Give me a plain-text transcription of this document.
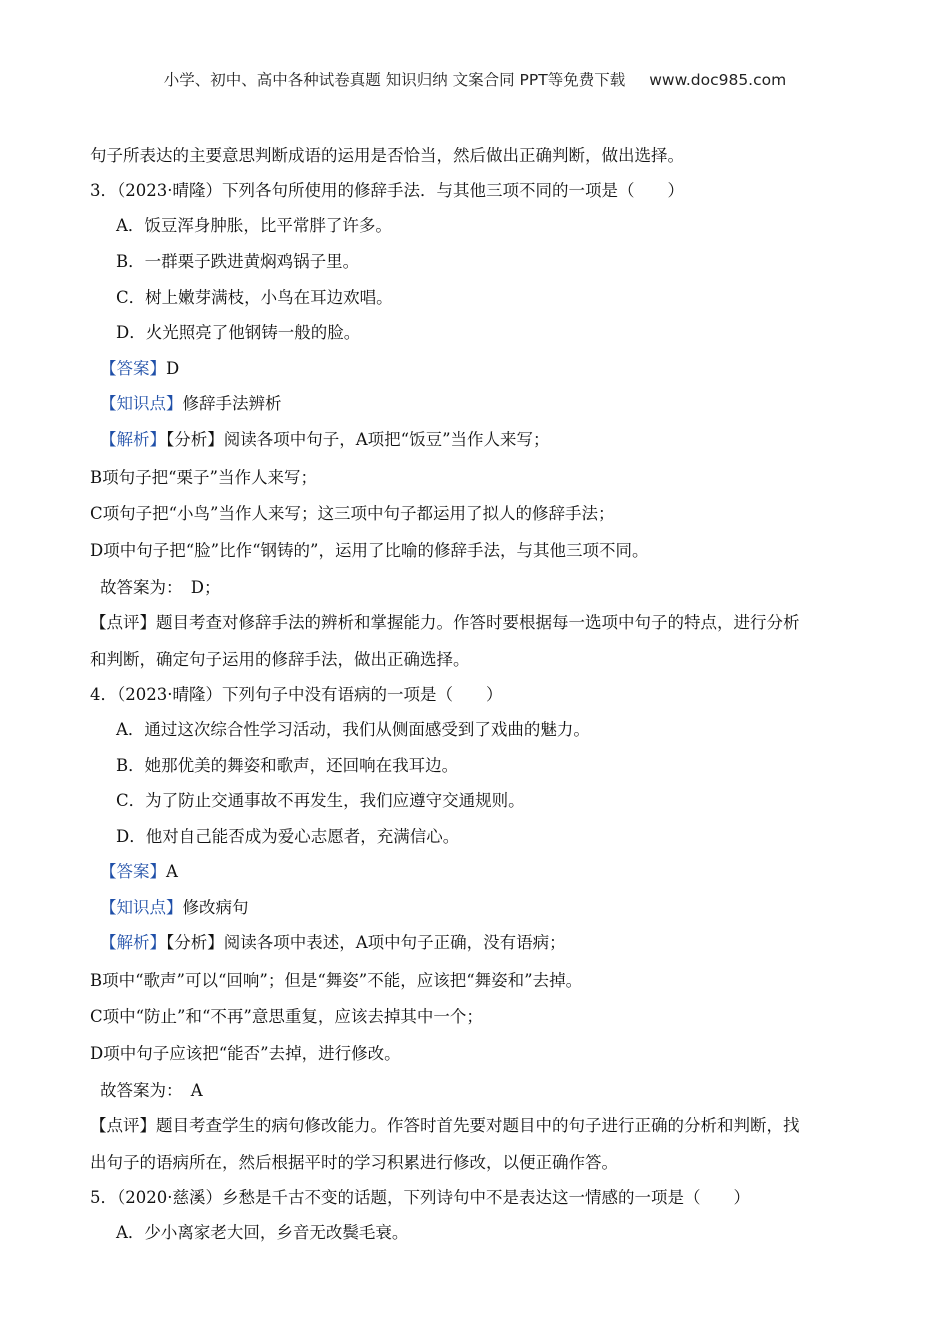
小学、初中、高中各种试卷真题 知识归纳 文案合同 PPT等免费下载 www.doc985.com
句子所表达的主要意思判断成语的运用是否恰当，然后做出正确判断，做出选择。
3．（2023·晴隆）下列各句所使用的修辞手法．与其他三项不同的一项是（　　）
A．饭豆浑身肿胀，比平常胖了许多。
B．一群栗子跌进黄焖鸡锅子里。
C．树上嫩芽满枝，小鸟在耳边欢唱。
D．火光照亮了他钢铸一般的脸。
【答案】D
【知识点】修辞手法辨析
【解析】【分析】阅读各项中句子，A项把“饭豆”当作人来写；
B项句子把“栗子”当作人来写；
C项句子把“小鸟”当作人来写；这三项中句子都运用了拟人的修辞手法；
D项中句子把“脸”比作“钢铸的”，运用了比喻的修辞手法，与其他三项不同。
故答案为：　D；
【点评】题目考查对修辞手法的辨析和掌握能力。作答时要根据每一选项中句子的特点，进行分析
和判断，确定句子运用的修辞手法，做出正确选择。
4．（2023·晴隆）下列句子中没有语病的一项是（　　）
A．通过这次综合性学习活动，我们从侧面感受到了戏曲的魅力。
B．她那优美的舞姿和歌声，还回响在我耳边。
C．为了防止交通事故不再发生，我们应遵守交通规则。
D．他对自己能否成为爱心志愿者，充满信心。
【答案】A
【知识点】修改病句
【解析】【分析】阅读各项中表述，A项中句子正确，没有语病；
B项中“歌声”可以“回响”；但是“舞姿”不能，应该把“舞姿和”去掉。
C项中“防止”和“不再”意思重复，应该去掉其中一个；
D项中句子应该把“能否”去掉，进行修改。
故答案为：　A
【点评】题目考查学生的病句修改能力。作答时首先要对题目中的句子进行正确的分析和判断，找
出句子的语病所在，然后根据平时的学习积累进行修改，以便正确作答。
5．（2020·慈溪）乡愁是千古不变的话题，下列诗句中不是表达这一情感的一项是（　　）
A．少小离家老大回，乡音无改鬓毛衰。
